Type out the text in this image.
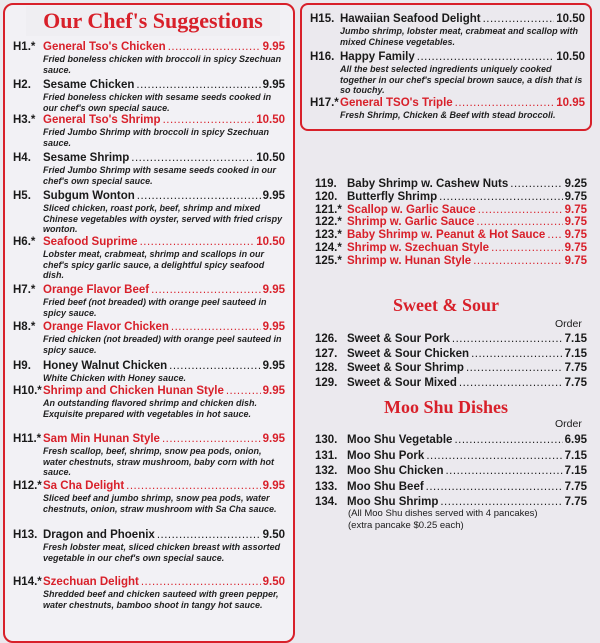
Our Chef's Suggestions
H1.* General Tso's Chicken .....	9.95
Fried boneless chicken with broccoli in spicy Szechuan sauce.
H2.	Sesame Chicken .....	9.95
Fried boneless chicken with sesame seeds cooked in our chef's own special sauce.
H3.* General Tso's Shrimp .....	10.50
Fried Jumbo Shrimp with broccoli in spicy Szechuan sauce.
H4.	Sesame Shrimp .....	10.50
Fried Jumbo Shrimp with sesame seeds cooked in our chef's own special sauce.
H5.	Subgum Wonton .....	9.95
Sliced chicken, roast pork, beef, shrimp and mixed Chinese vegetables with oyster, served with fried crispy wonton.
H6.* Seafood Suprime .....	10.50
Lobster meat, crabmeat, shrimp and scallops in our chef's spicy garlic sauce, a delightful spicy seafood dish.
H7.* Orange Flavor Beef .....	9.95
Fried beef (not breaded) with orange peel sauteed in spicy sauce.
H8.* Orange Flavor Chicken .....	9.95
Fried chicken (not breaded) with orange peel sauteed in spicy sauce.
H9.	Honey Walnut Chicken .....	9.95
White Chicken with Honey sauce.
H10.* Shrimp and Chicken Hunan Style .....	9.95
An outstanding flavored shrimp and chicken dish. Exquisite prepared with vegetables in hot sauce.
H11.* Sam Min Hunan Style .....	9.95
Fresh scallop, beef, shrimp, snow pea pods, onion, water chestnuts, straw mushroom, baby corn with hot sauce.
H12.* Sa Cha Delight .....	9.95
Sliced beef and jumbo shrimp, snow pea pods, water chestnuts, onion, straw mushroom with Sa Cha sauce.
H13. Dragon and Phoenix .....	9.50
Fresh lobster meat, sliced chicken breast with assorted vegetable in our chef's own special sauce.
H14.* Szechuan Delight .....	9.50
Shredded beef and chicken sauteed with green pepper, water chestnuts, bamboo shoot in tangy hot sauce.
H15. Hawaiian Seafood Delight .....	10.50
Jumbo shrimp, lobster meat, crabmeat and scallop with mixed Chinese vegetables.
H16. Happy Family .....	10.50
All the best selected ingredients uniquely cooked together in our chef's special brown sauce, a dish that is so touchy.
H17.* General TSO's Triple .....	10.95
Fresh Shrimp, Chicken & Beef with stead broccoli.
119. Baby Shrimp w. Cashew Nuts .....	9.25
120. Butterfly Shrimp .....	9.75
121.* Scallop w. Garlic Sauce .....	9.75
122.* Shrimp w. Garlic Sauce .....	9.75
123.* Baby Shrimp w. Peanut & Hot Sauce ..... 9.75
124.* Shrimp w. Szechuan Style .....	9.75
125.* Shrimp w. Hunan Style .....	9.75
Sweet & Sour
Order
126. Sweet & Sour Pork .....	7.15
127. Sweet & Sour Chicken .....	7.15
128. Sweet & Sour Shrimp .....	7.75
129. Sweet & Sour Mixed .....	7.75
Moo Shu Dishes
Order
130. Moo Shu Vegetable .....	6.95
131. Moo Shu Pork .....	7.15
132. Moo Shu Chicken .....	7.15
133. Moo Shu Beef .....	7.75
134. Moo Shu Shrimp .....	7.75
(All Moo Shu dishes served with 4 pancakes)
(extra pancake $0.25 each)
